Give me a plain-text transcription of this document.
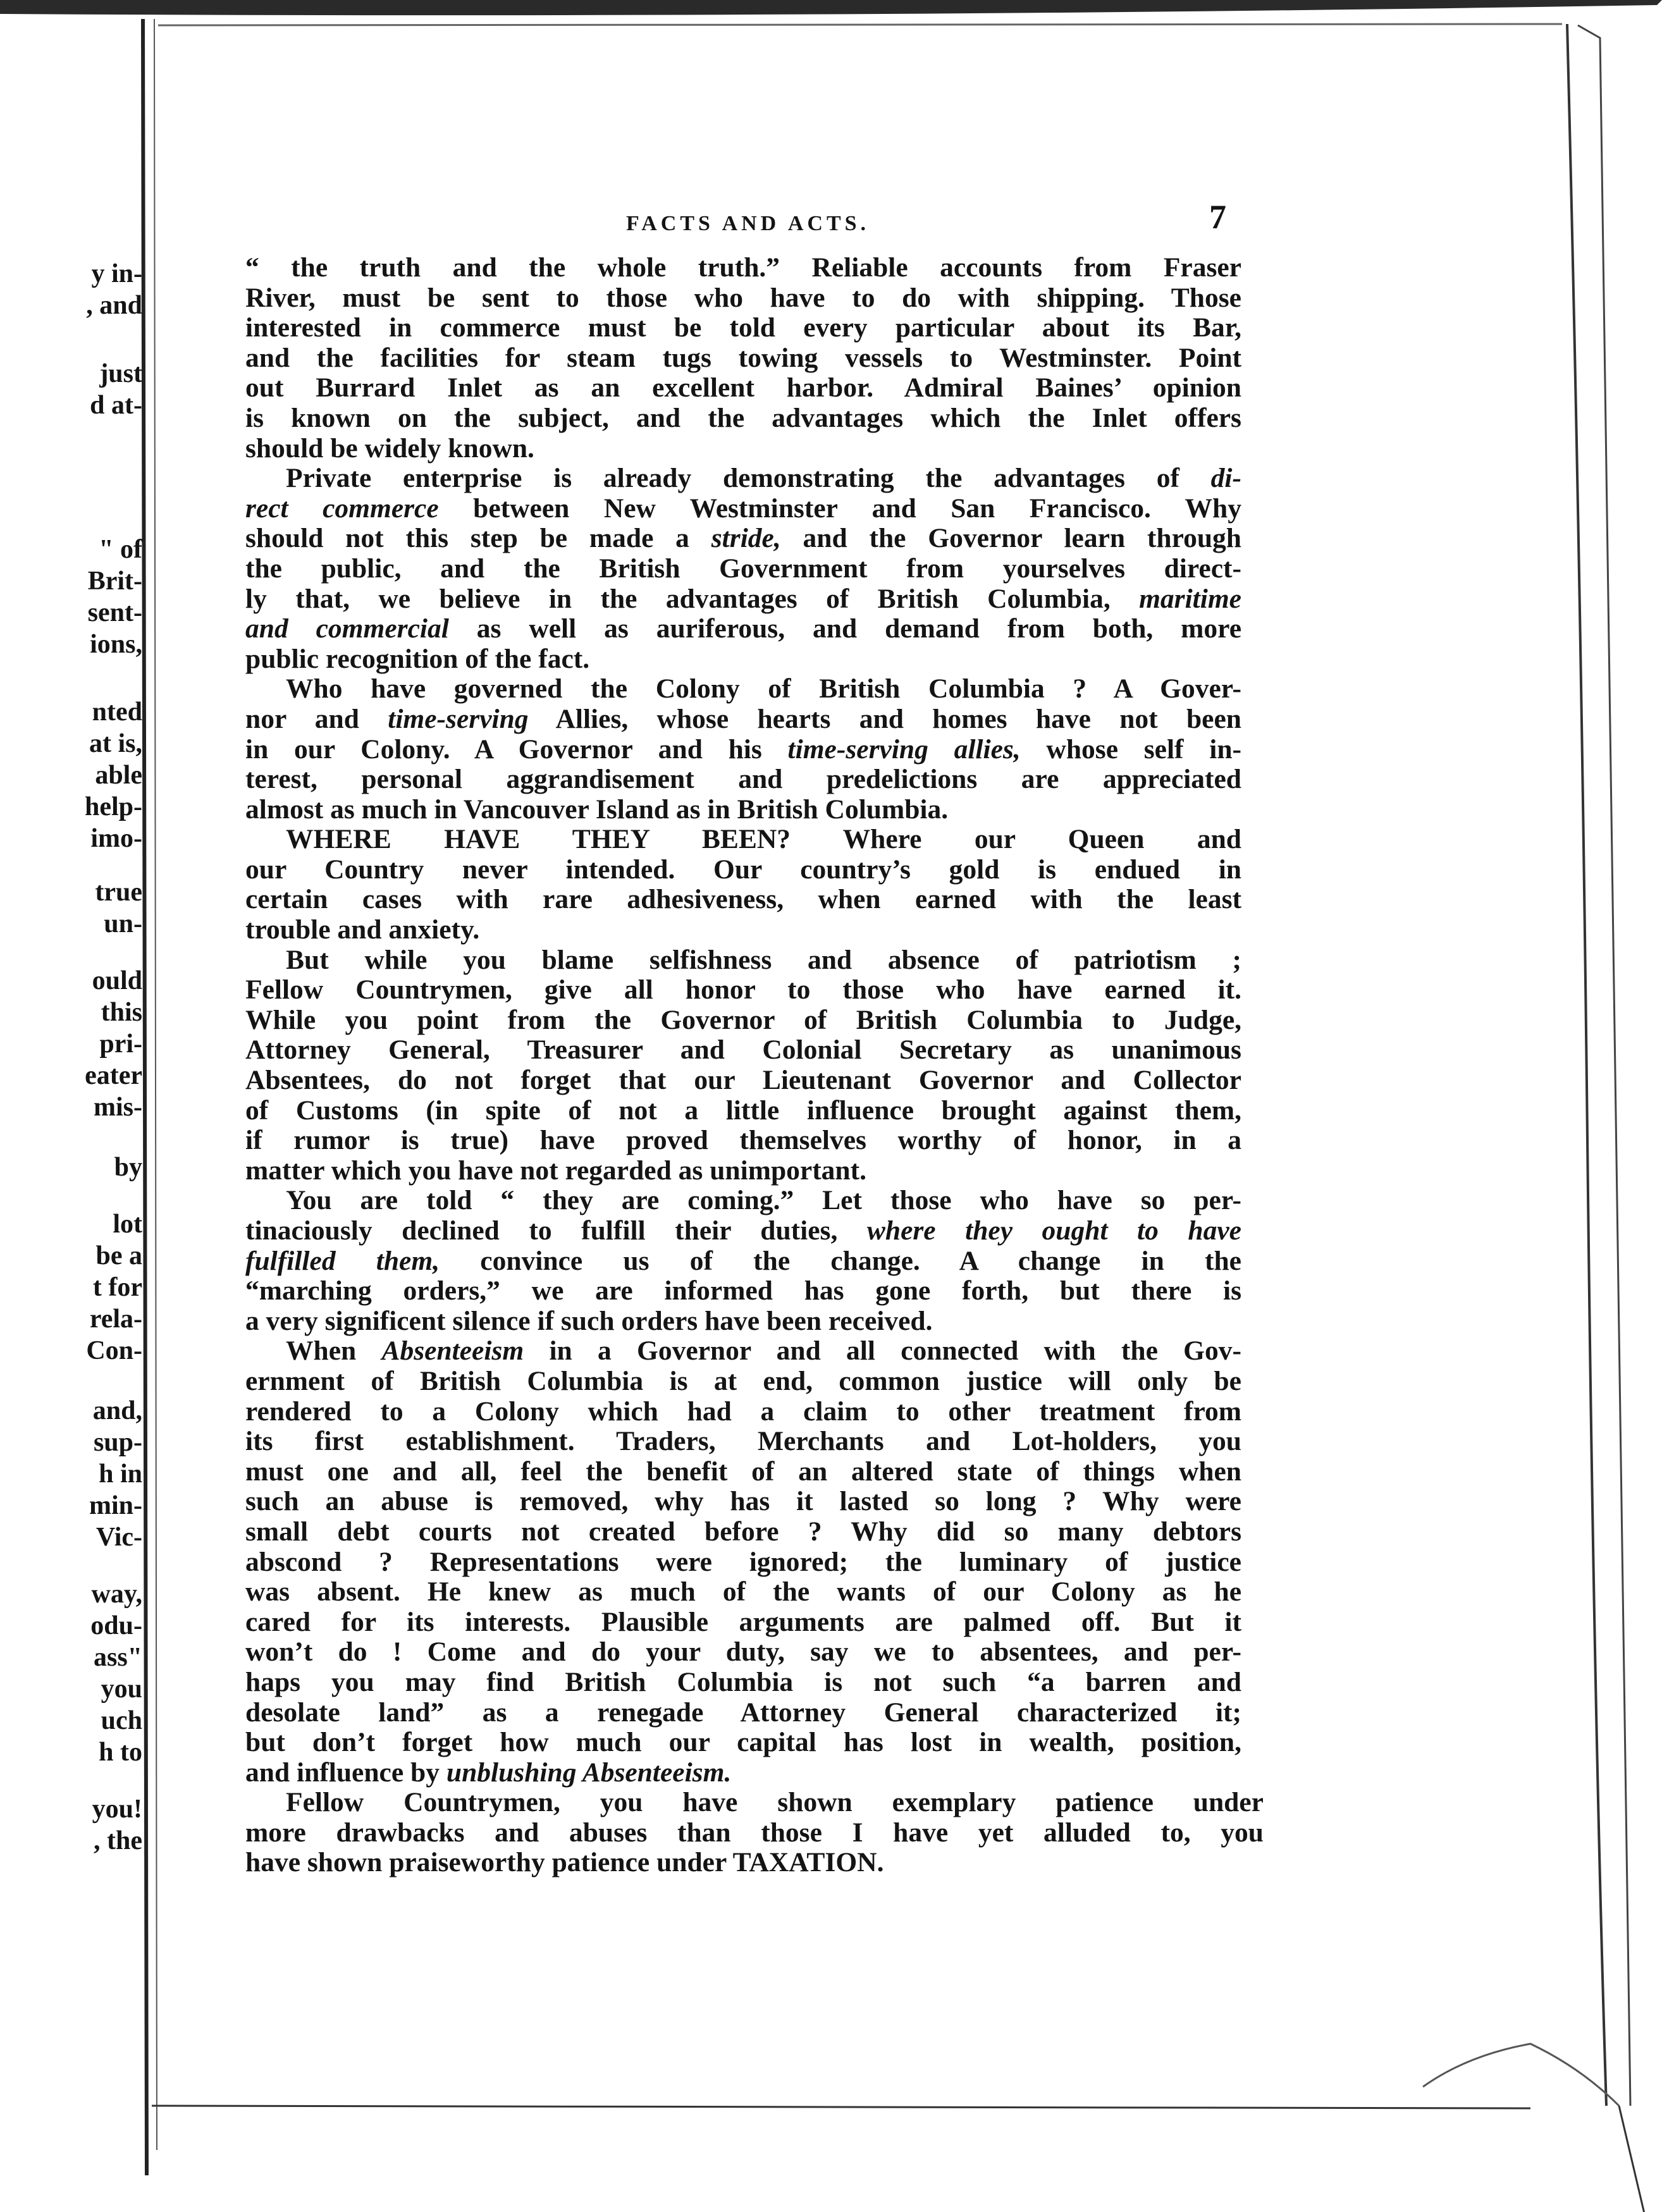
y in-
, and
just
d at-
" of
Brit-
sent-
ions,
nted
at is,
able
help-
imo-
true
un-
ould
this
pri-
eater
mis-
by
lot
be a
t for
rela-
Con-
and,
sup-
h in
min-
Vic-
way,
odu-
ass"
you
uch
h to
you!
, the
FACTS AND ACTS.	7
“ the truth and the whole truth.” Reliable accounts from Fraser
River, must be sent to those who have to do with shipping. Those
interested in commerce must be told every particular about its Bar,
and the facilities for steam tugs towing vessels to Westminster. Point
out Burrard Inlet as an excellent harbor. Admiral Baines’ opinion
is known on the subject, and the advantages which the Inlet offers
should be widely known.
Private enterprise is already demonstrating the advantages of di-
rect commerce between New Westminster and San Francisco. Why
should not this step be made a stride, and the Governor learn through
the public, and the British Government from yourselves direct-
ly that, we believe in the advantages of British Columbia, maritime
and commercial as well as auriferous, and demand from both, more
public recognition of the fact.
Who have governed the Colony of British Columbia ? A Gover-
nor and time-serving Allies, whose hearts and homes have not been
in our Colony. A Governor and his time-serving allies, whose self in-
terest, personal aggrandisement and predelictions are appreciated
almost as much in Vancouver Island as in British Columbia.
WHERE HAVE THEY BEEN? Where our Queen and
our Country never intended. Our country’s gold is endued in
certain cases with rare adhesiveness, when earned with the least
trouble and anxiety.
But while you blame selfishness and absence of patriotism ;
Fellow Countrymen, give all honor to those who have earned it.
While you point from the Governor of British Columbia to Judge,
Attorney General, Treasurer and Colonial Secretary as unanimous
Absentees, do not forget that our Lieutenant Governor and Collector
of Customs (in spite of not a little influence brought against them,
if rumor is true) have proved themselves worthy of honor, in a
matter which you have not regarded as unimportant.
You are told “ they are coming.” Let those who have so per-
tinaciously declined to fulfill their duties, where they ought to have
fulfilled them, convince us of the change. A change in the
“marching orders,” we are informed has gone forth, but there is
a very significent silence if such orders have been received.
When Absenteeism in a Governor and all connected with the Gov-
ernment of British Columbia is at end, common justice will only be
rendered to a Colony which had a claim to other treatment from
its first establishment. Traders, Merchants and Lot-holders, you
must one and all, feel the benefit of an altered state of things when
such an abuse is removed, why has it lasted so long ? Why were
small debt courts not created before ? Why did so many debtors
abscond ? Representations were ignored; the luminary of justice
was absent. He knew as much of the wants of our Colony as he
cared for its interests. Plausible arguments are palmed off. But it
won’t do ! Come and do your duty, say we to absentees, and per-
haps you may find British Columbia is not such “a barren and
desolate land” as a renegade Attorney General characterized it;
but don’t forget how much our capital has lost in wealth, position,
and influence by unblushing Absenteeism.
Fellow Countrymen, you have shown exemplary patience under
more drawbacks and abuses than those I have yet alluded to, you
have shown praiseworthy patience under TAXATION.
